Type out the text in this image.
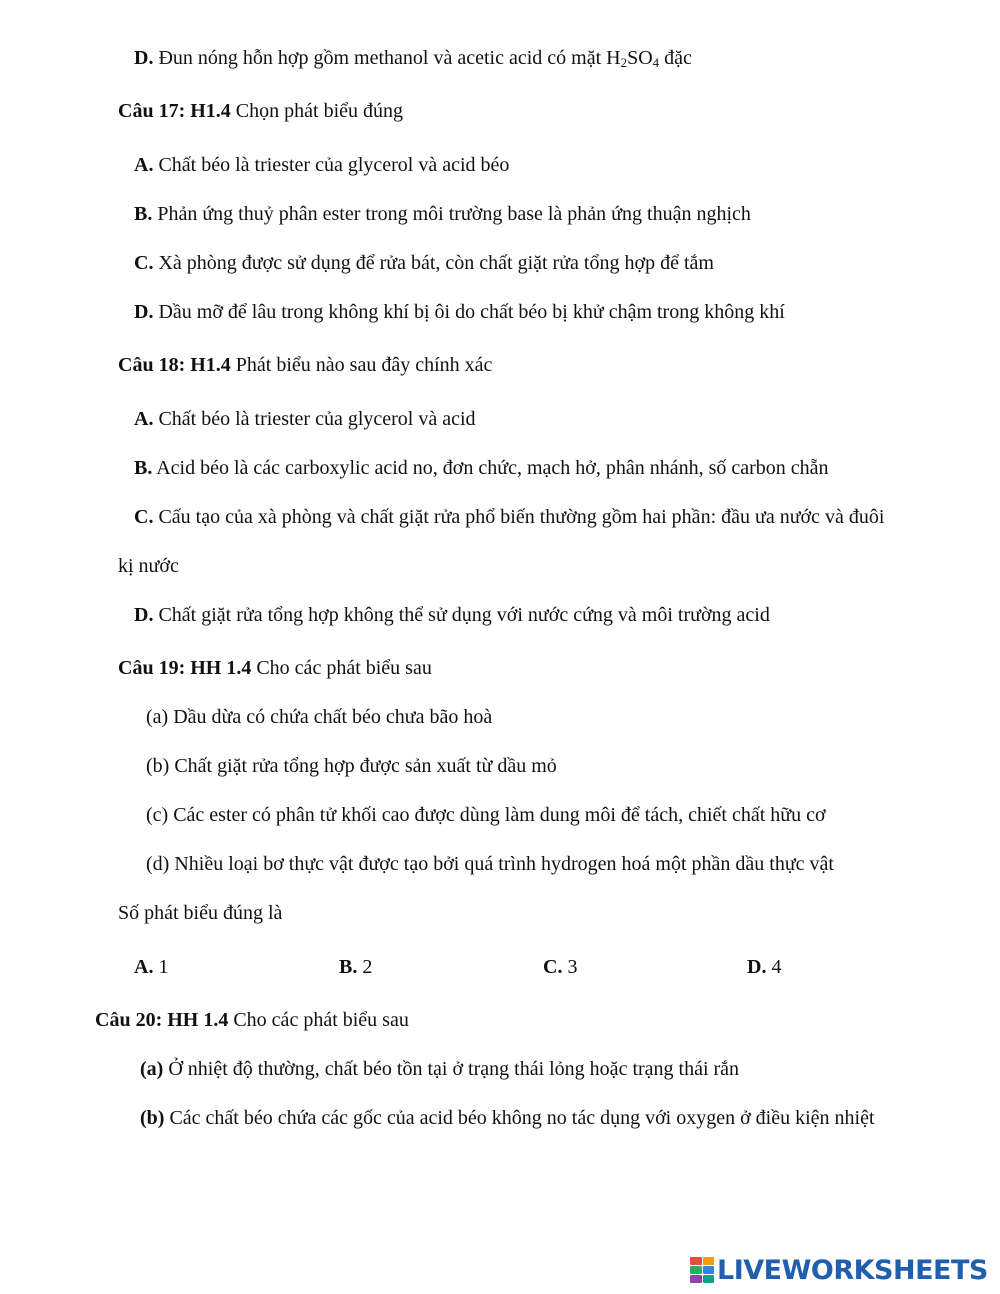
D. Đun nóng hỗn hợp gồm methanol và acetic acid có mặt $H_2SO_4$ đặc
Câu 17: H1.4 Chọn phát biểu đúng
A. Chất béo là triester của glycerol và acid béo
B. Phản ứng thuỷ phân ester trong môi trường base là phản ứng thuận nghịch
C. Xà phòng được sử dụng để rửa bát, còn chất giặt rửa tổng hợp để tắm
D. Dầu mỡ để lâu trong không khí bị ôi do chất béo bị khử chậm trong không khí
Câu 18: H1.4 Phát biểu nào sau đây chính xác
A. Chất béo là triester của glycerol và acid
B. Acid béo là các carboxylic acid no, đơn chức, mạch hở, phân nhánh, số carbon chẵn
C. Cấu tạo của xà phòng và chất giặt rửa phổ biến thường gồm hai phần: đầu ưa nước và đuôi
kị nước
D. Chất giặt rửa tổng hợp không thể sử dụng với nước cứng và môi trường acid
Câu 19: HH 1.4 Cho các phát biểu sau
(a) Dầu dừa có chứa chất béo chưa bão hoà
(b) Chất giặt rửa tổng hợp được sản xuất từ dầu mỏ
(c) Các ester có phân tử khối cao được dùng làm dung môi để tách, chiết chất hữu cơ
(d) Nhiều loại bơ thực vật được tạo bởi quá trình hydrogen hoá một phần dầu thực vật
Số phát biểu đúng là
A. 1	B. 2	C. 3	D. 4
Câu 20: HH 1.4 Cho các phát biểu sau
(a) Ở nhiệt độ thường, chất béo tồn tại ở trạng thái lỏng hoặc trạng thái rắn
(b) Các chất béo chứa các gốc của acid béo không no tác dụng với oxygen ở điều kiện nhiệt
LIVEWORKSHEETS
